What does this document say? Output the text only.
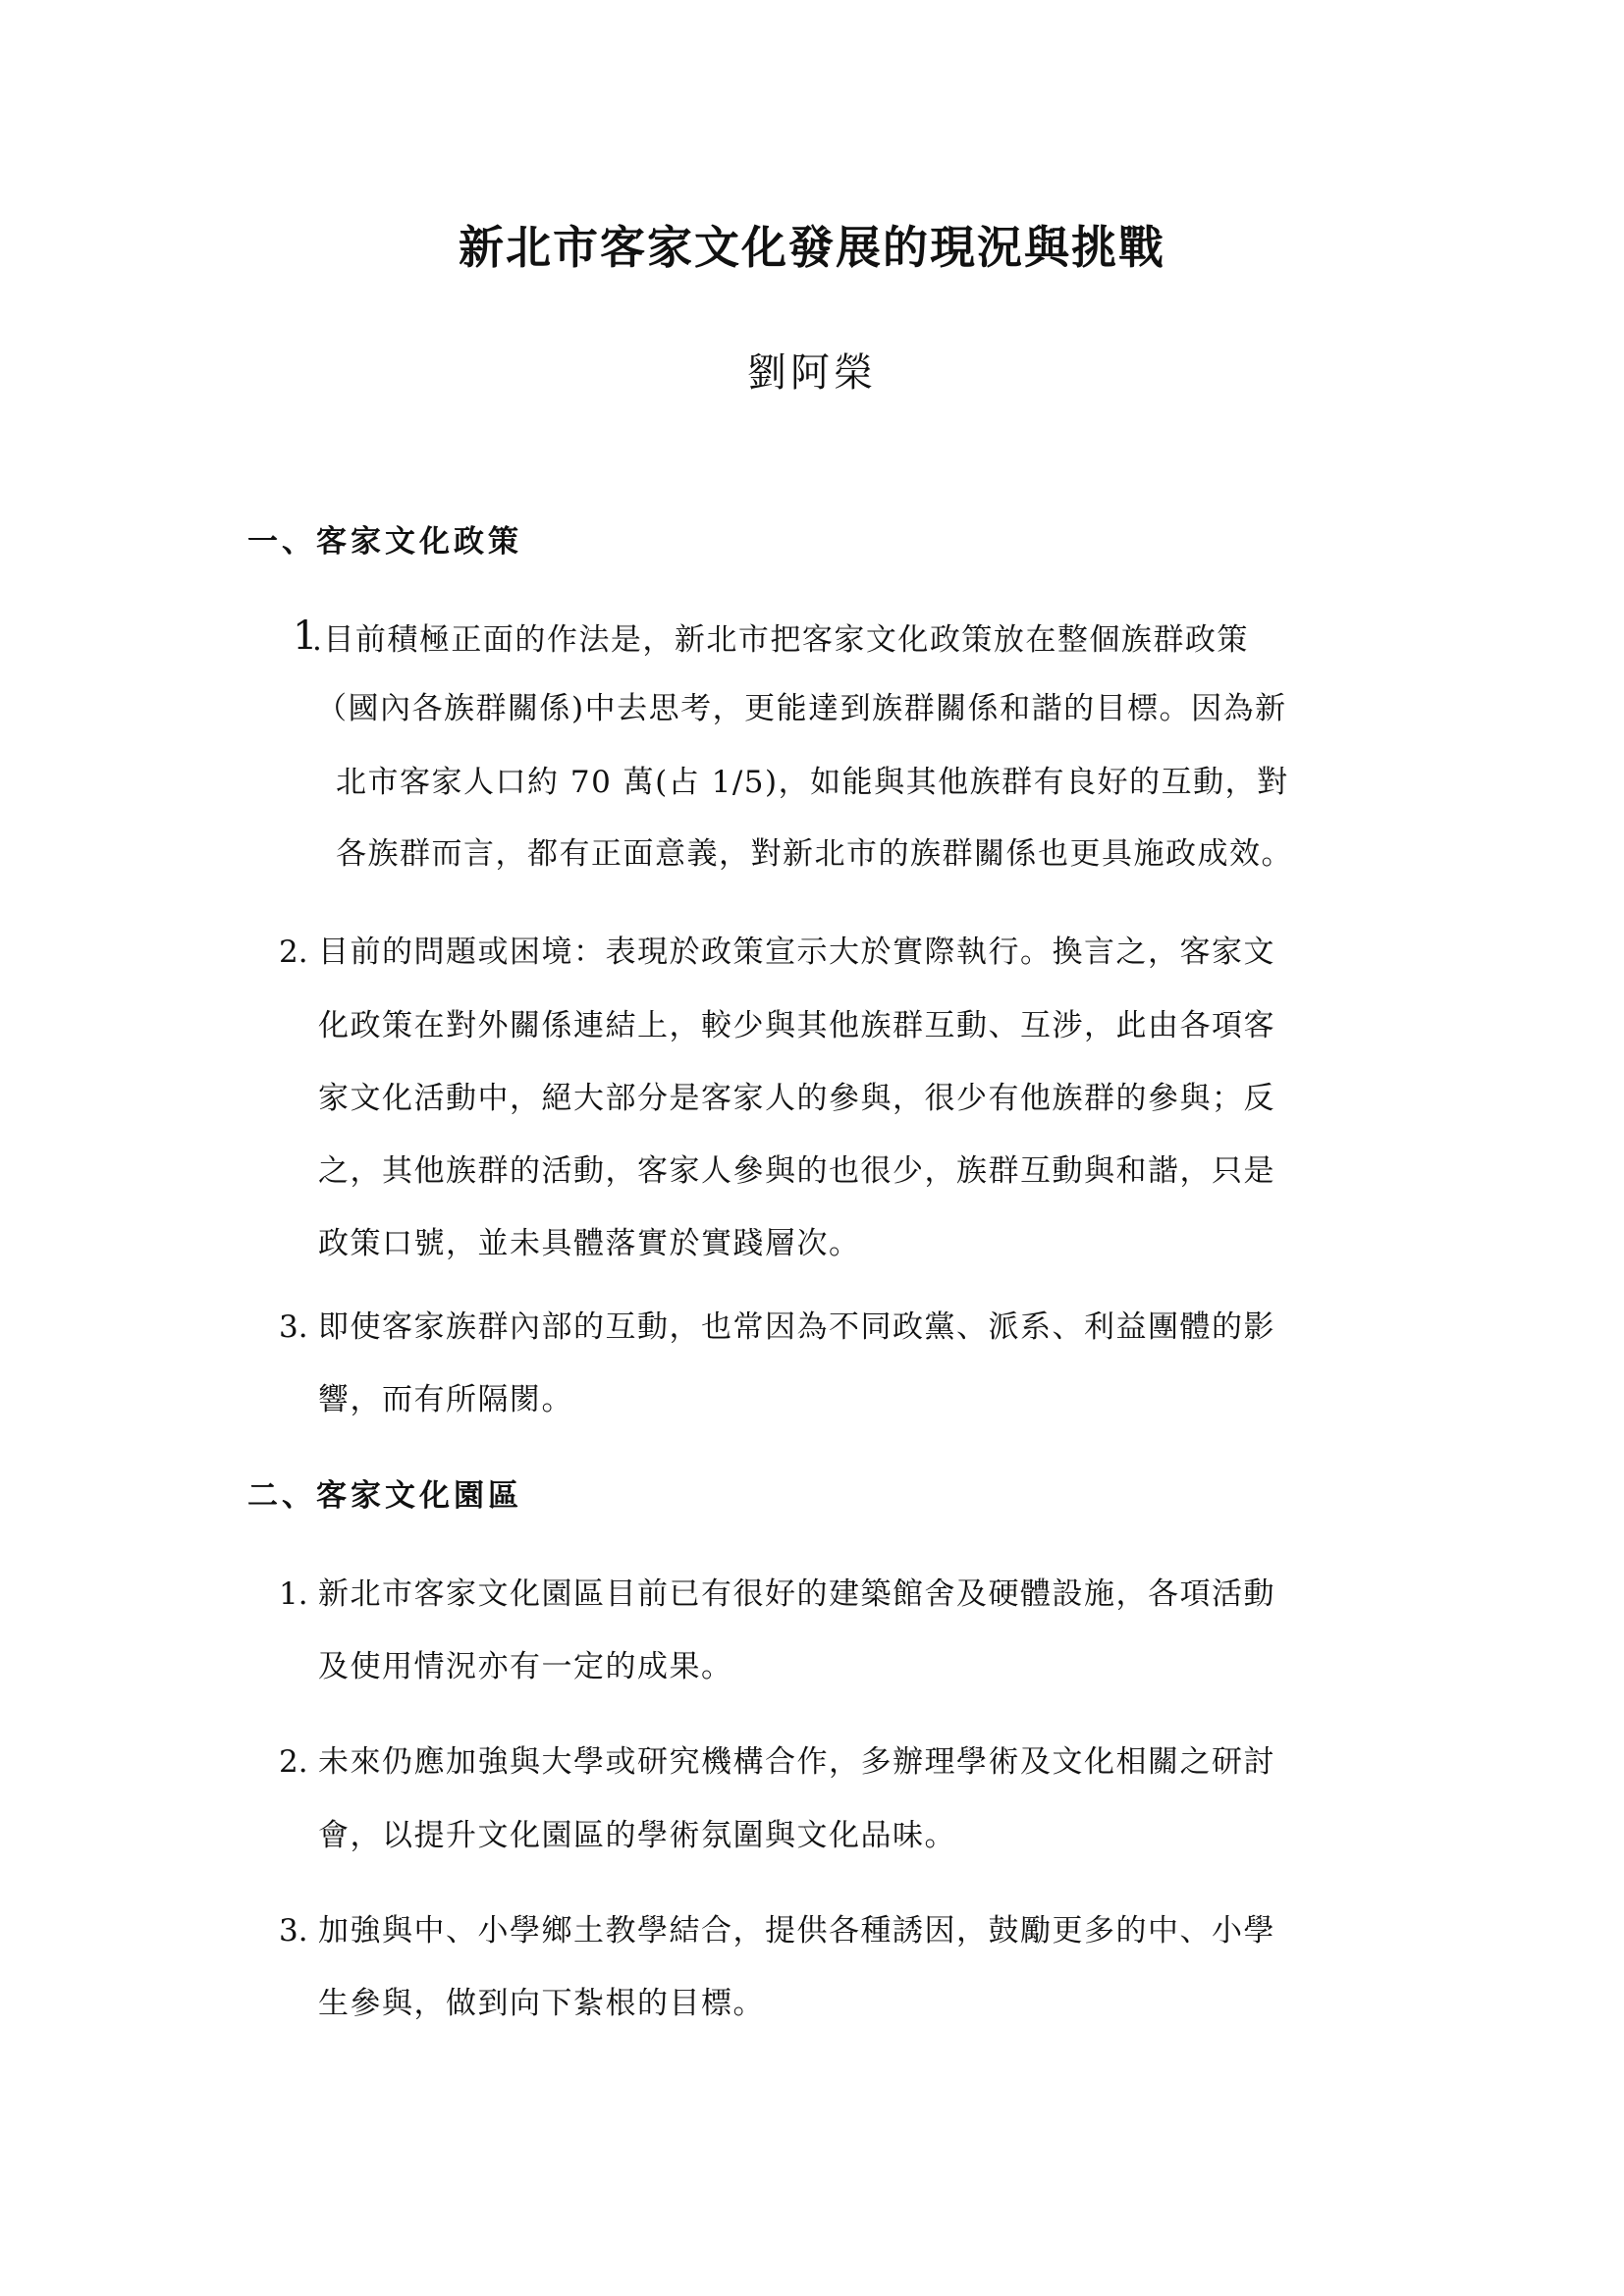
新北市客家文化發展的現況與挑戰
劉阿榮
一、客家文化政策
1
.目前積極正面的作法是，新北市把客家文化政策放在整個族群政策
（國內各族群關係)中去思考，更能達到族群關係和諧的目標。因為新
北市客家人口約 70 萬(占 1/5)，如能與其他族群有良好的互動，對
各族群而言，都有正面意義，對新北市的族群關係也更具施政成效。
2. 目前的問題或困境：表現於政策宣示大於實際執行。換言之，客家文
化政策在對外關係連結上，較少與其他族群互動、互涉，此由各項客
家文化活動中，絕大部分是客家人的參與，很少有他族群的參與；反
之，其他族群的活動，客家人參與的也很少，族群互動與和諧，只是
政策口號，並未具體落實於實踐層次。
3. 即使客家族群內部的互動，也常因為不同政黨、派系、利益團體的影
響，而有所隔閡。
二、客家文化園區
1. 新北市客家文化園區目前已有很好的建築館舍及硬體設施，各項活動
及使用情況亦有一定的成果。
2. 未來仍應加強與大學或研究機構合作，多辦理學術及文化相關之研討
會，以提升文化園區的學術氛圍與文化品味。
3. 加強與中、小學鄉土教學結合，提供各種誘因，鼓勵更多的中、小學
生參與，做到向下紮根的目標。
